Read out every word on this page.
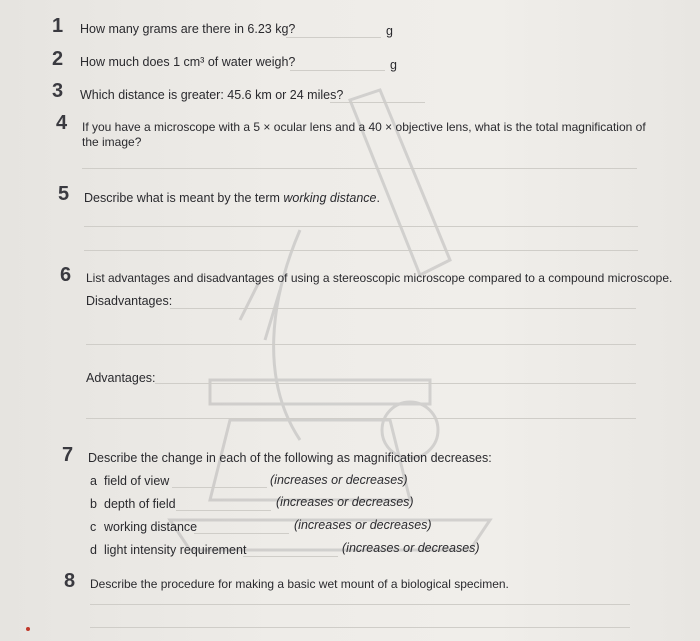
1 How many grams are there in 6.23 kg?	g
2 How much does 1 cm³ of water weigh?	g
3 Which distance is greater: 45.6 km or 24 miles?
4 If you have a microscope with a 5 × ocular lens and a 40 × objective lens, what is the total magnification of
the image?
5 Describe what is meant by the term working distance.
6 List advantages and disadvantages of using a stereoscopic microscope compared to a compound microscope.
Disadvantages:
Advantages:
7 Describe the change in each of the following as magnification decreases:
a field of view	(increases or decreases)
b depth of field	(increases or decreases)
c working distance	(increases or decreases)
d light intensity requirement	(increases or decreases)
8 Describe the procedure for making a basic wet mount of a biological specimen.
